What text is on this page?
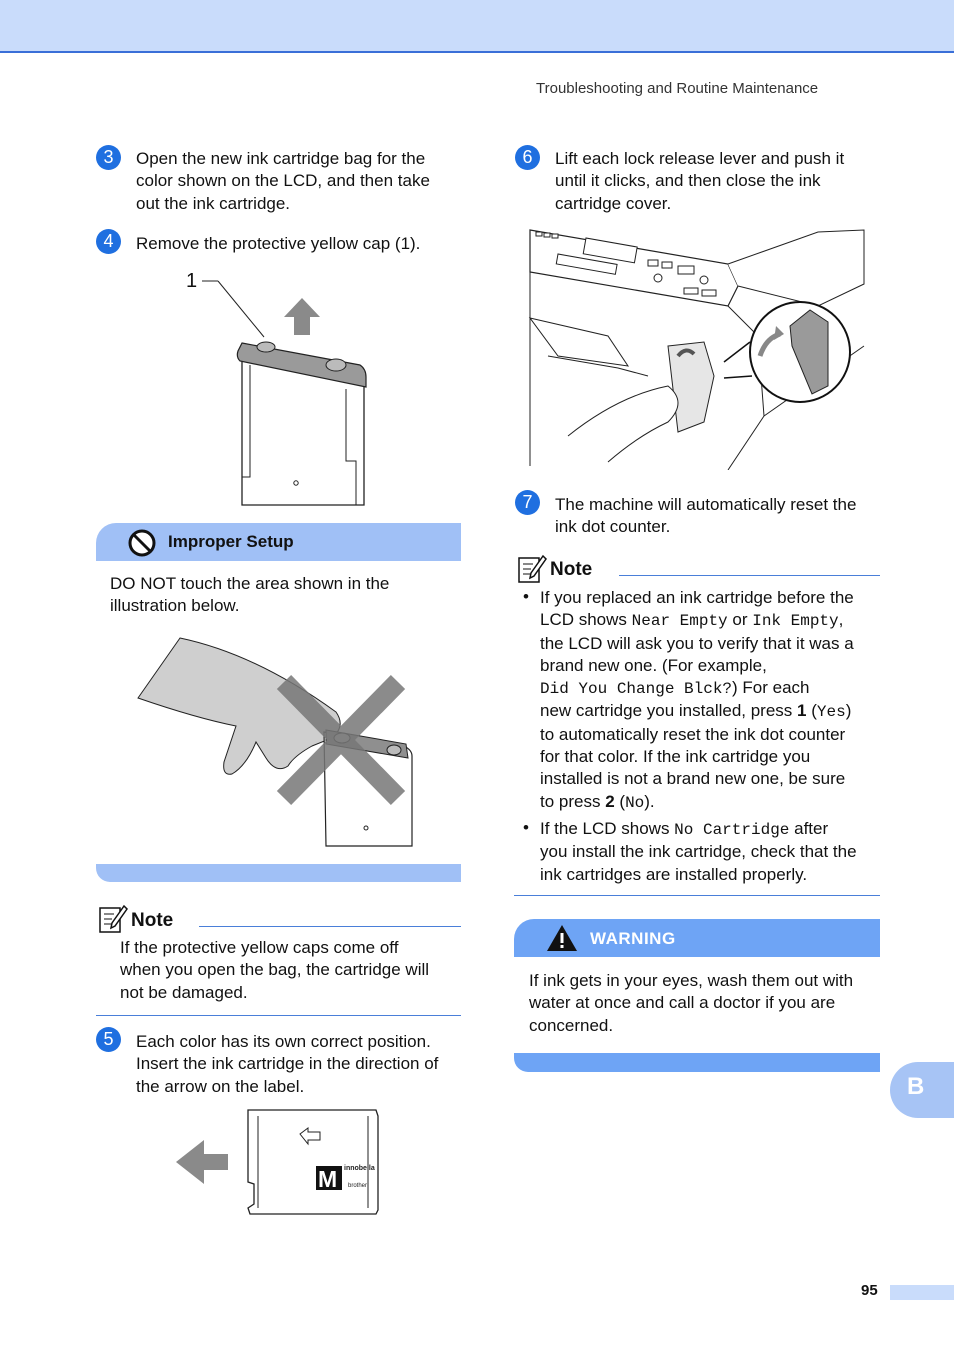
Troubleshooting and Routine Maintenance
3	Open the new ink cartridge bag for the
color shown on the LCD, and then take
out the ink cartridge.
4	Remove the protective yellow cap (1).
1
Improper Setup
DO NOT touch the area shown in the
illustration below.
Note
If the protective yellow caps come off
when you open the bag, the cartridge will
not be damaged.
5	Each color has its own correct position.
Insert the ink cartridge in the direction of
the arrow on the label.
M innobella
brother
6	Lift each lock release lever and push it
until it clicks, and then close the ink
cartridge cover.
7	The machine will automatically reset the
ink dot counter.
Note
• If you replaced an ink cartridge before the
LCD shows Near Empty or Ink Empty,
the LCD will ask you to verify that it was a
brand new one. (For example,
Did You Change Blck?) For each
new cartridge you installed, press 1 (Yes)
to automatically reset the ink dot counter
for that color. If the ink cartridge you
installed is not a brand new one, be sure
to press 2 (No).
• If the LCD shows No Cartridge after
you install the ink cartridge, check that the
ink cartridges are installed properly.
WARNING
If ink gets in your eyes, wash them out with
water at once and call a doctor if you are
concerned.
B
95
